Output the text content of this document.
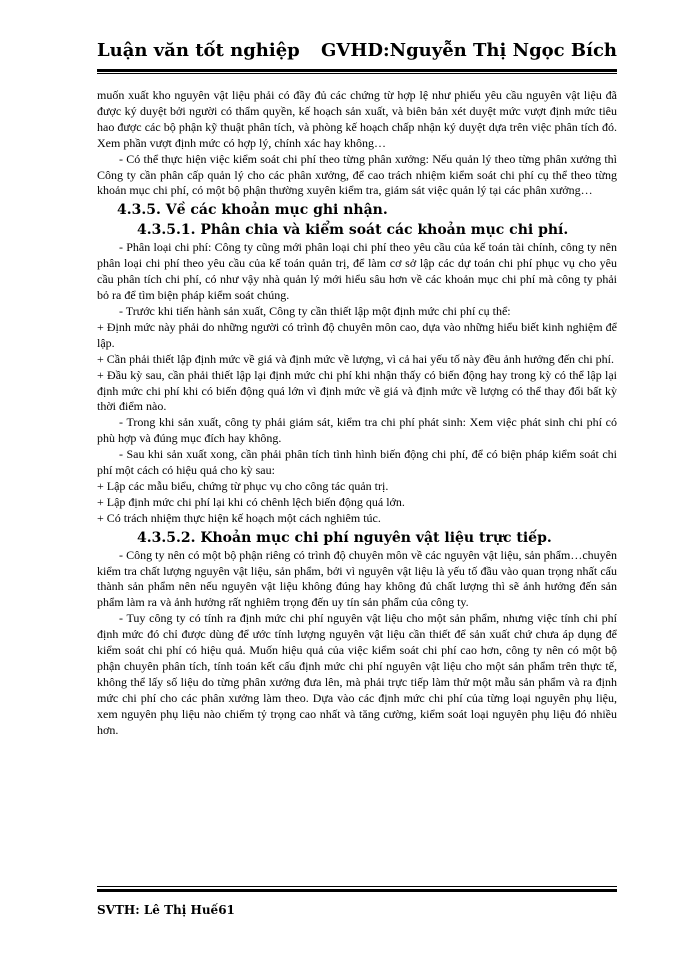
Luận văn tốt nghiệp GVHD:Nguyễn Thị Ngọc Bích

muốn xuất kho nguyên vật liệu phải có đầy đủ các chứng từ hợp lệ như phiếu yêu cầu nguyên vật liệu đã được ký duyệt bởi người có thẩm quyền, kế hoạch sản xuất, và biên bản xét duyệt mức vượt định mức tiêu hao được các bộ phận kỹ thuật phân tích, và phòng kế hoạch chấp nhận ký duyệt dựa trên việc phân tích đó. Xem phần vượt định mức có hợp lý, chính xác hay không…

- Có thể thực hiện việc kiểm soát chi phí theo từng phân xưởng: Nếu quản lý theo từng phân xưởng thì Công ty cần phân cấp quản lý cho các phân xưởng, để cao trách nhiệm kiểm soát chi phí cụ thể theo từng khoản mục chi phí, có một bộ phận thường xuyên kiểm tra, giám sát việc quản lý tại các phân xưởng…

4.3.5. Về các khoản mục ghi nhận.
4.3.5.1. Phân chia và kiểm soát các khoản mục chi phí.

- Phân loại chi phí: Công ty cũng mới phân loại chi phí theo yêu cầu của kế toán tài chính, công ty nên phân loại chi phí theo yêu cầu của kế toán quản trị, để làm cơ sở lập các dự toán chi phí phục vụ cho yêu cầu phân tích chi phí, có như vậy nhà quản lý mới hiểu sâu hơn về các khoản mục chi phí mà công ty phải bỏ ra để tìm biện pháp kiểm soát chúng.

- Trước khi tiến hành sản xuất, Công ty cần thiết lập một định mức chi phí cụ thể:

+ Định mức này phải do những người có trình độ chuyên môn cao, dựa vào những hiểu biết kinh nghiệm để lập.

+ Cần phải thiết lập định mức về giá và định mức về lượng, vì cả hai yếu tố này đều ảnh hưởng đến chi phí.

+ Đầu kỳ sau, cần phải thiết lập lại định mức chi phí khi nhận thấy có biến động hay trong kỳ có thể lập lại định mức chi phí khi có biến động quá lớn vì định mức về giá và định mức về lượng có thể thay đổi bất kỳ thời điểm nào.

- Trong khi sản xuất, công ty phải giám sát, kiểm tra chi phí phát sinh: Xem việc phát sinh chi phí có phù hợp và đúng mục đích hay không.

- Sau khi sản xuất xong, cần phải phân tích tình hình biến động chi phí, để có biện pháp kiểm soát chi phí một cách có hiệu quả cho kỳ sau:

+ Lập các mẫu biểu, chứng từ phục vụ cho công tác quản trị.

+ Lập định mức chi phí lại khi có chênh lệch biến động quá lớn.

+ Có trách nhiệm thực hiện kế hoạch một cách nghiêm túc.

4.3.5.2. Khoản mục chi phí nguyên vật liệu trực tiếp.

- Công ty nên có một bộ phận riêng có trình độ chuyên môn về các nguyên vật liệu, sản phẩm…chuyên kiểm tra chất lượng nguyên vật liệu, sản phẩm, bởi vì nguyên vật liệu là yếu tố đầu vào quan trọng nhất cấu thành sản phẩm nên nếu nguyên vật liệu không đúng hay không đủ chất lượng thì sẽ ảnh hưởng đến sản phẩm làm ra và ảnh hưởng rất nghiêm trọng đến uy tín sản phẩm của công ty.

- Tuy công ty có tính ra định mức chi phí nguyên vật liệu cho một sản phẩm, nhưng việc tính chi phí định mức đó chỉ được dùng để ước tính lượng nguyên vật liệu cần thiết để sản xuất chứ chưa áp dụng để kiểm soát chi phí có hiệu quả. Muốn hiệu quả của việc kiểm soát chi phí cao hơn, công ty nên có một bộ phận chuyên phân tích, tính toán kết cấu định mức chi phí nguyên vật liệu cho một sản phẩm trên thực tế, không thể lấy số liệu do từng phân xưởng đưa lên, mà phải trực tiếp làm thử một mẫu sản phẩm và ra định mức chi phí cho các phân xưởng làm theo. Dựa vào các định mức chi phí của từng loại nguyên phụ liệu, xem nguyên phụ liệu nào chiếm tỷ trọng cao nhất và tăng cường, kiểm soát loại nguyên phụ liệu đó nhiều hơn.

SVTH: Lê Thị Huế61
